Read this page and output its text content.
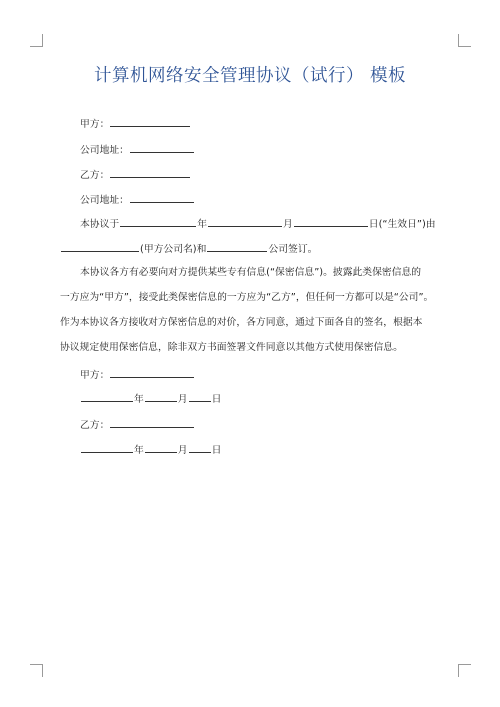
计算机网络安全管理协议（试行） 模板
甲方：
公司地址：
乙方：
公司地址：
本协议于	年	月	日(“生效日”)由
(甲方公司名)和	公司签订。
本协议各方有必要向对方提供某些专有信息(“保密信息”)。披露此类保密信息的
一方应为“甲方”，接受此类保密信息的一方应为“乙方”，但任何一方都可以是“公司”。
作为本协议各方接收对方保密信息的对价，各方同意，通过下面各自的签名，根据本
协议规定使用保密信息，除非双方书面签署文件同意以其他方式使用保密信息。
甲方：
年	月 日
乙方：
年	月 日
